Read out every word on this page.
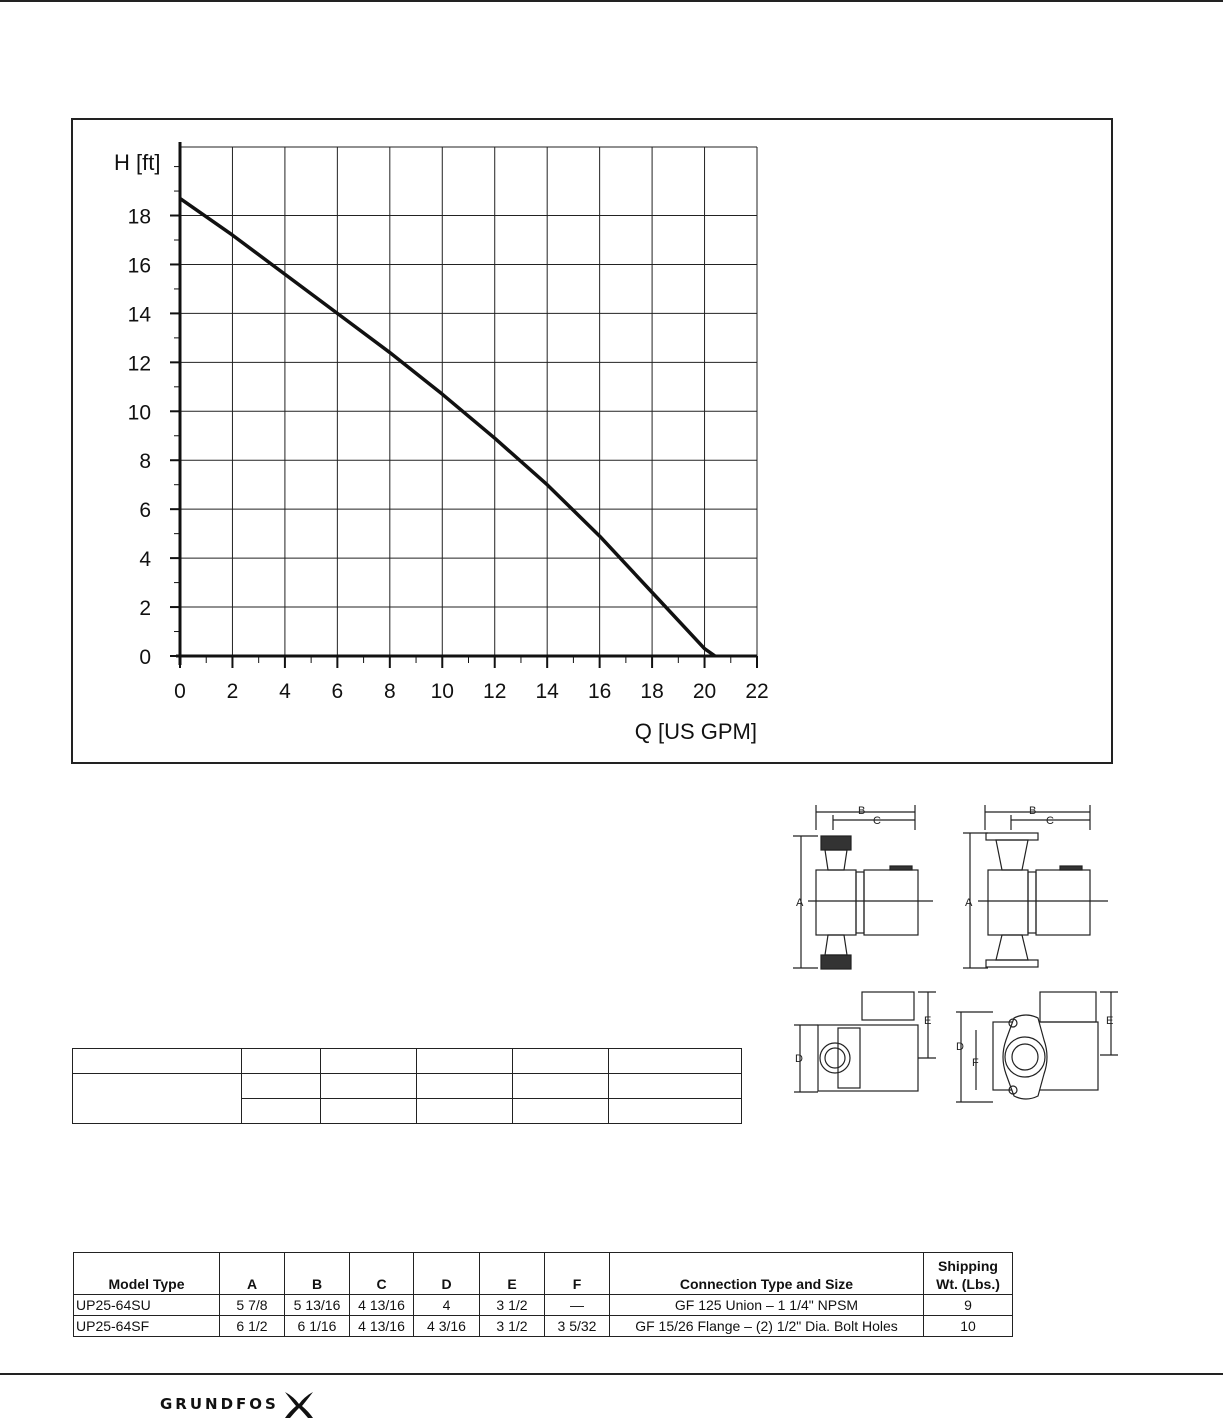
0 2 4 6 8 10 12 14 16 18 20 22
0
2
4
6
8
10
12
14
16
18
H [ft]
Q [US GPM]

B
C
A
B
C
A
E
D
E
D
F
Model Type	A	B	C	D	E	F	Connection Type and Size	Shipping
Wt. (Lbs.)
UP25-64SU	5 7/8	5 13/16	4 13/16	4	3 1/2	—	GF 125 Union – 1 1/4" NPSM	9
UP25-64SF	6 1/2	6 1/16	4 13/16	4 3/16	3 1/2	3 5/32	GF 15/26 Flange – (2) 1/2" Dia. Bolt Holes	10
GRUNDFOS
